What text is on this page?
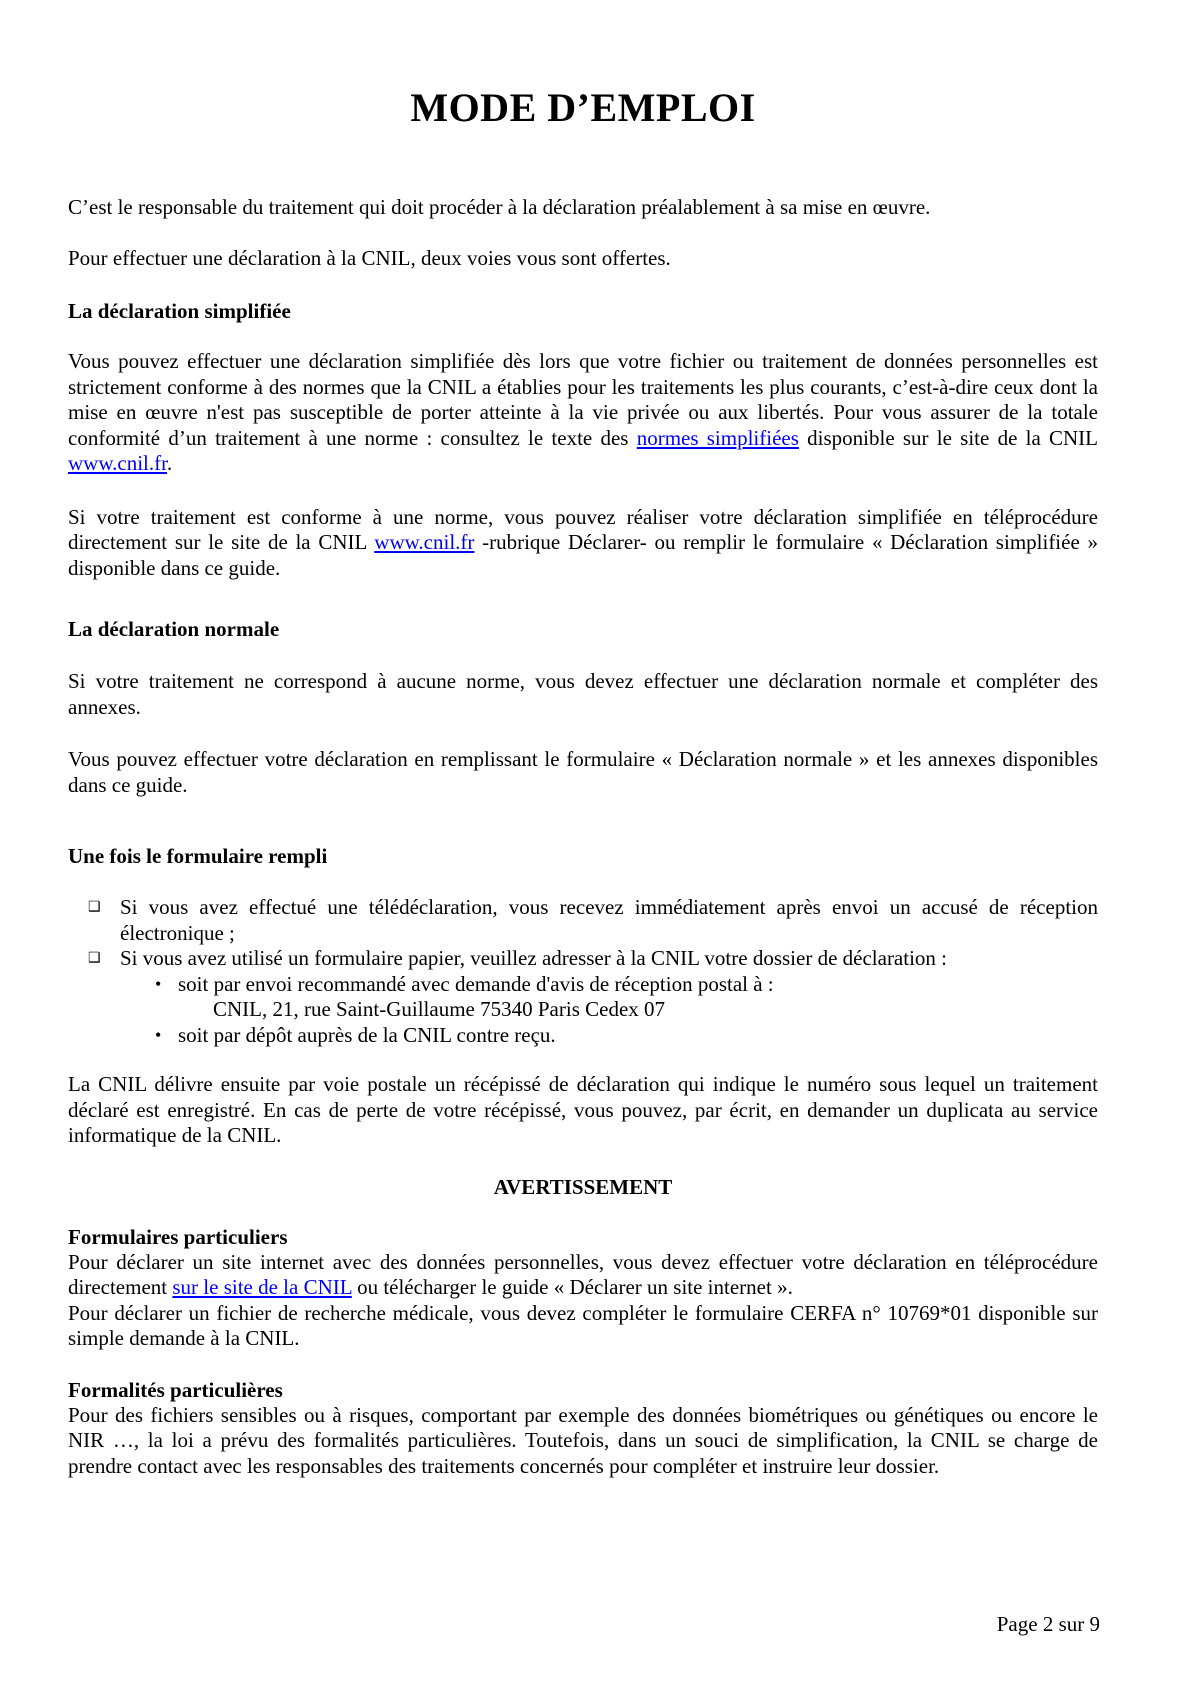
MODE D’EMPLOI

C’est le responsable du traitement qui doit procéder à la déclaration préalablement à sa mise en œuvre.

Pour effectuer une déclaration à la CNIL, deux voies vous sont offertes.

La déclaration simplifiée

Vous pouvez effectuer une déclaration simplifiée dès lors que votre fichier ou traitement de données personnelles est strictement conforme à des normes que la CNIL a établies pour les traitements les plus courants, c’est-à-dire ceux dont la mise en œuvre n'est pas susceptible de porter atteinte à la vie privée ou aux libertés. Pour vous assurer de la totale conformité d’un traitement à une norme : consultez le texte des normes simplifiées disponible sur le site de la CNIL www.cnil.fr.

Si votre traitement est conforme à une norme, vous pouvez réaliser votre déclaration simplifiée en téléprocédure directement sur le site de la CNIL www.cnil.fr -rubrique Déclarer- ou remplir le formulaire « Déclaration simplifiée » disponible dans ce guide.

La déclaration normale

Si votre traitement ne correspond à aucune norme, vous devez effectuer une déclaration normale et compléter des annexes.

Vous pouvez effectuer votre déclaration en remplissant le formulaire « Déclaration normale » et les annexes disponibles dans ce guide.

Une fois le formulaire rempli
❑ Si vous avez effectué une télédéclaration, vous recevez immédiatement après envoi un accusé de réception électronique ;
❑ Si vous avez utilisé un formulaire papier, veuillez adresser à la CNIL votre dossier de déclaration :
• soit par envoi recommandé avec demande d'avis de réception postal à :
CNIL, 21, rue Saint-Guillaume 75340 Paris Cedex 07
• soit par dépôt auprès de la CNIL contre reçu.

La CNIL délivre ensuite par voie postale un récépissé de déclaration qui indique le numéro sous lequel un traitement déclaré est enregistré. En cas de perte de votre récépissé, vous pouvez, par écrit, en demander un duplicata au service informatique de la CNIL.

AVERTISSEMENT
Formulaires particuliers

Pour déclarer un site internet avec des données personnelles, vous devez effectuer votre déclaration en téléprocédure directement sur le site de la CNIL ou télécharger le guide « Déclarer un site internet ».

Pour déclarer un fichier de recherche médicale, vous devez compléter le formulaire CERFA n° 10769*01 disponible sur simple demande à la CNIL.

Formalités particulières

Pour des fichiers sensibles ou à risques, comportant par exemple des données biométriques ou génétiques ou encore le NIR …, la loi a prévu des formalités particulières. Toutefois, dans un souci de simplification, la CNIL se charge de prendre contact avec les responsables des traitements concernés pour compléter et instruire leur dossier.

Page 2 sur 9
